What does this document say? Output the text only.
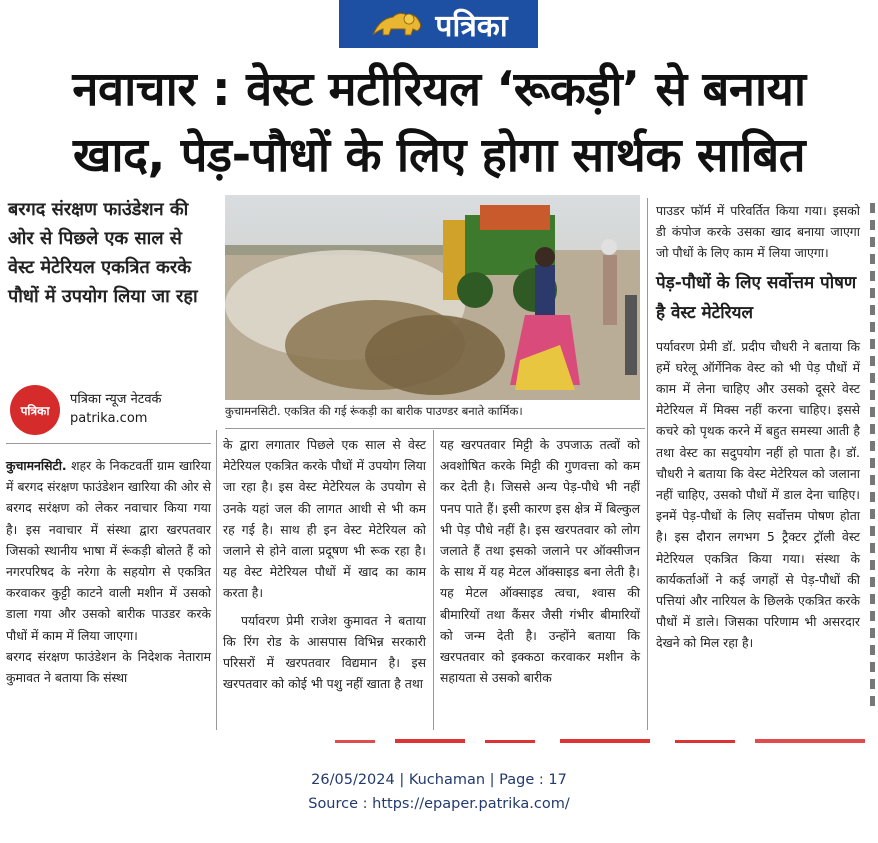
पत्रिका
नवाचार : वेस्ट मटीरियल ‘रूकड़ी’ से बनाया
खाद, पेड़-पौधों के लिए होगा सार्थक साबित
बरगद संरक्षण फाउंडेशन की ओर से पिछले एक साल से वेस्ट मेटेरियल एकत्रित करके पौधों में उपयोग लिया जा रहा
पत्रिका
पत्रिका न्यूज नेटवर्क
patrika.com	कुचामनसिटी. एकत्रित की गई रूंकड़ी का बारीक पाउण्डर बनाते कार्मिक।

कुचामनसिटी. शहर के निकटवर्ती ग्राम खारिया में बरगद संरक्षण फाउंडेशन खारिया की ओर से बरगद सरंक्षण को लेकर नवाचार किया गया है। इस नवाचार में संस्था द्वारा खरपतवार जिसको स्थानीय भाषा में रूंकड़ी बोलते हैं को नगरपरिषद के नरेगा के सहयोग से एकत्रित करवाकर कुट्टी काटने वाली मशीन में उसको डाला गया और उसको बारीक पाउडर करके पौधों में काम में लिया जाएगा।

बरगद संरक्षण फाउंडेशन के निदेशक नेताराम कुमावत ने बताया कि संस्था

के द्वारा लगातार पिछले एक साल से वेस्ट मेटेरियल एकत्रित करके पौधों में उपयोग लिया जा रहा है। इस वेस्ट मेटेरियल के उपयोग से उनके यहां जल की लागत आधी से भी कम रह गई है। साथ ही इन वेस्ट मेटेरियल को जलाने से होने वाला प्रदूषण भी रूक रहा है। यह वेस्ट मेटेरियल पौधों में खाद का काम करता है।

पर्यावरण प्रेमी राजेश कुमावत ने बताया कि रिंग रोड के आसपास विभिन्न सरकारी परिसरों में खरपतवार विद्यमान है। इस खरपतवार को कोई भी पशु नहीं खाता है तथा

यह खरपतवार मिट्टी के उपजाऊ तत्वों को अवशोषित करके मिट्टी की गुणवत्ता को कम कर देती है। जिससे अन्य पेड़-पौधे भी नहीं पनप पाते हैं। इसी कारण इस क्षेत्र में बिल्कुल भी पेड़ पौधे नहीं है। इस खरपतवार को लोग जलाते हैं तथा इसको जलाने पर ऑक्सीजन के साथ में यह मेटल ऑक्साइड बना लेती है। यह मेटल ऑक्साइड त्वचा, श्वास की बीमारियों तथा कैंसर जैसी गंभीर बीमारियों को जन्म देती है। उन्होंने बताया कि खरपतवार को इक्कठा करवाकर मशीन के सहायता से उसको बारीक

पाउडर फॉर्म में परिवर्तित किया गया। इसको डी कंपोज करके उसका खाद बनाया जाएगा जो पौधों के लिए काम में लिया जाएगा।

पेड़-पौधों के लिए सर्वोत्तम पोषण है वेस्ट मेटेरियल

पर्यावरण प्रेमी डॉ. प्रदीप चौधरी ने बताया कि हमें घरेलू ऑर्गेनिक वेस्ट को भी पेड़ पौधों में काम में लेना चाहिए और उसको दूसरे वेस्ट मेटेरियल में मिक्स नहीं करना चाहिए। इससे कचरे को पृथक करने में बहुत समस्या आती है तथा वेस्ट का सदुपयोग नहीं हो पाता है। डॉ. चौधरी ने बताया कि वेस्ट मेटेरियल को जलाना नहीं चाहिए, उसको पौधों में डाल देना चाहिए। इनमें पेड़-पौधों के लिए सर्वोत्तम पोषण होता है। इस दौरान लगभग 5 ट्रैक्टर ट्रॉली वेस्ट मेटेरियल एकत्रित किया गया। संस्था के कार्यकर्ताओं ने कई जगहों से पेड़-पौधों की पत्तियां और नारियल के छिलके एकत्रित करके पौधों में डाले। जिसका परिणाम भी असरदार देखने को मिल रहा है।

26/05/2024 | Kuchaman | Page : 17
Source : https://epaper.patrika.com/
